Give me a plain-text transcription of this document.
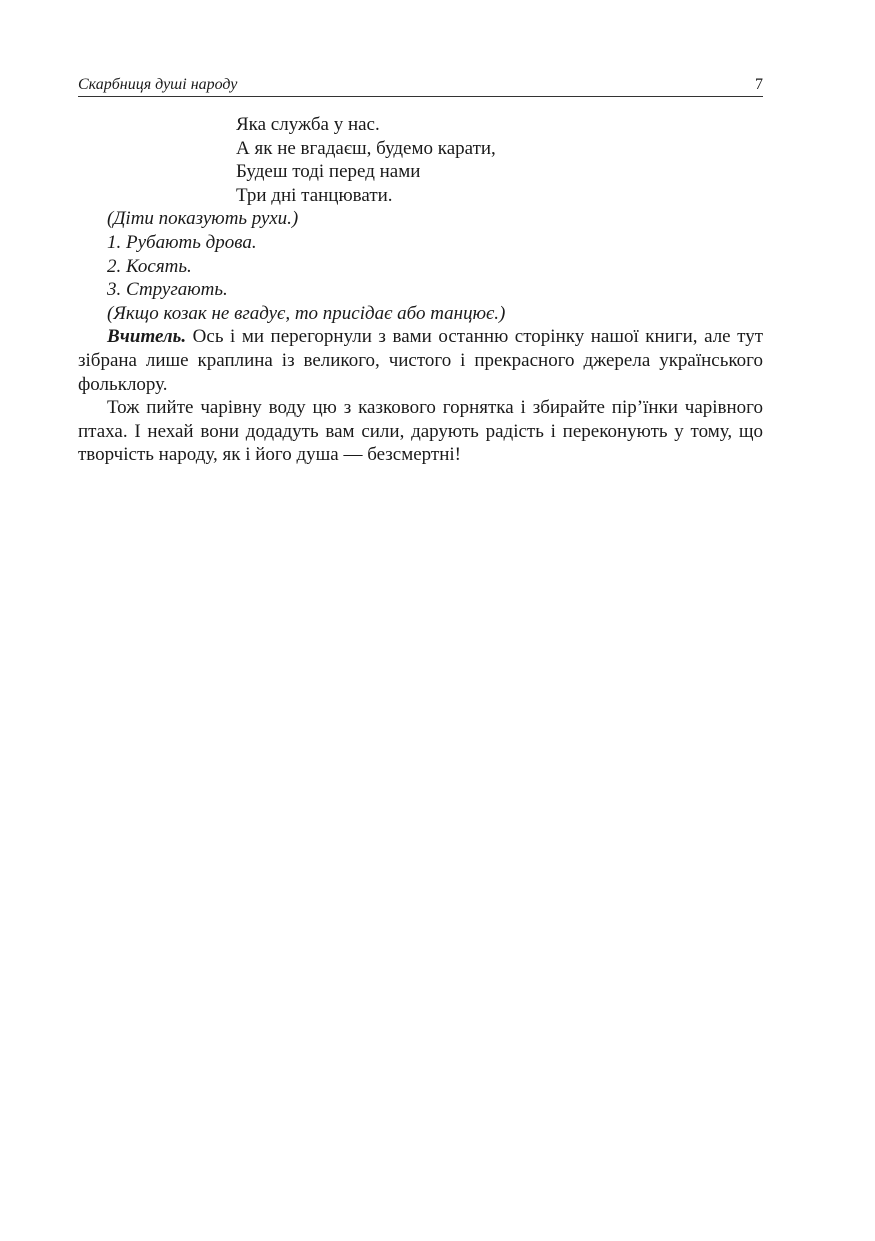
Скарбниця душі народу	7
Яка служба у нас.
А як не вгадаєш, будемо карати,
Будеш тоді перед нами
Три дні танцювати.
(Діти показують рухи.)
1. Рубають дрова.
2. Косять.
3. Стругають.
(Якщо козак не вгадує, то присідає або танцює.)

Вчитель. Ось і ми перегорнули з вами останню сторінку нашої книги, але тут зібрана лише краплина із великого, чистого і прекрасного джерела українського фольклору.

Тож пийте чарівну воду цю з казкового горнятка і збирайте пір’їнки чарівного птаха. І нехай вони додадуть вам сили, дарують радість і переконують у тому, що творчість народу, як і його душа — безсмертні!
